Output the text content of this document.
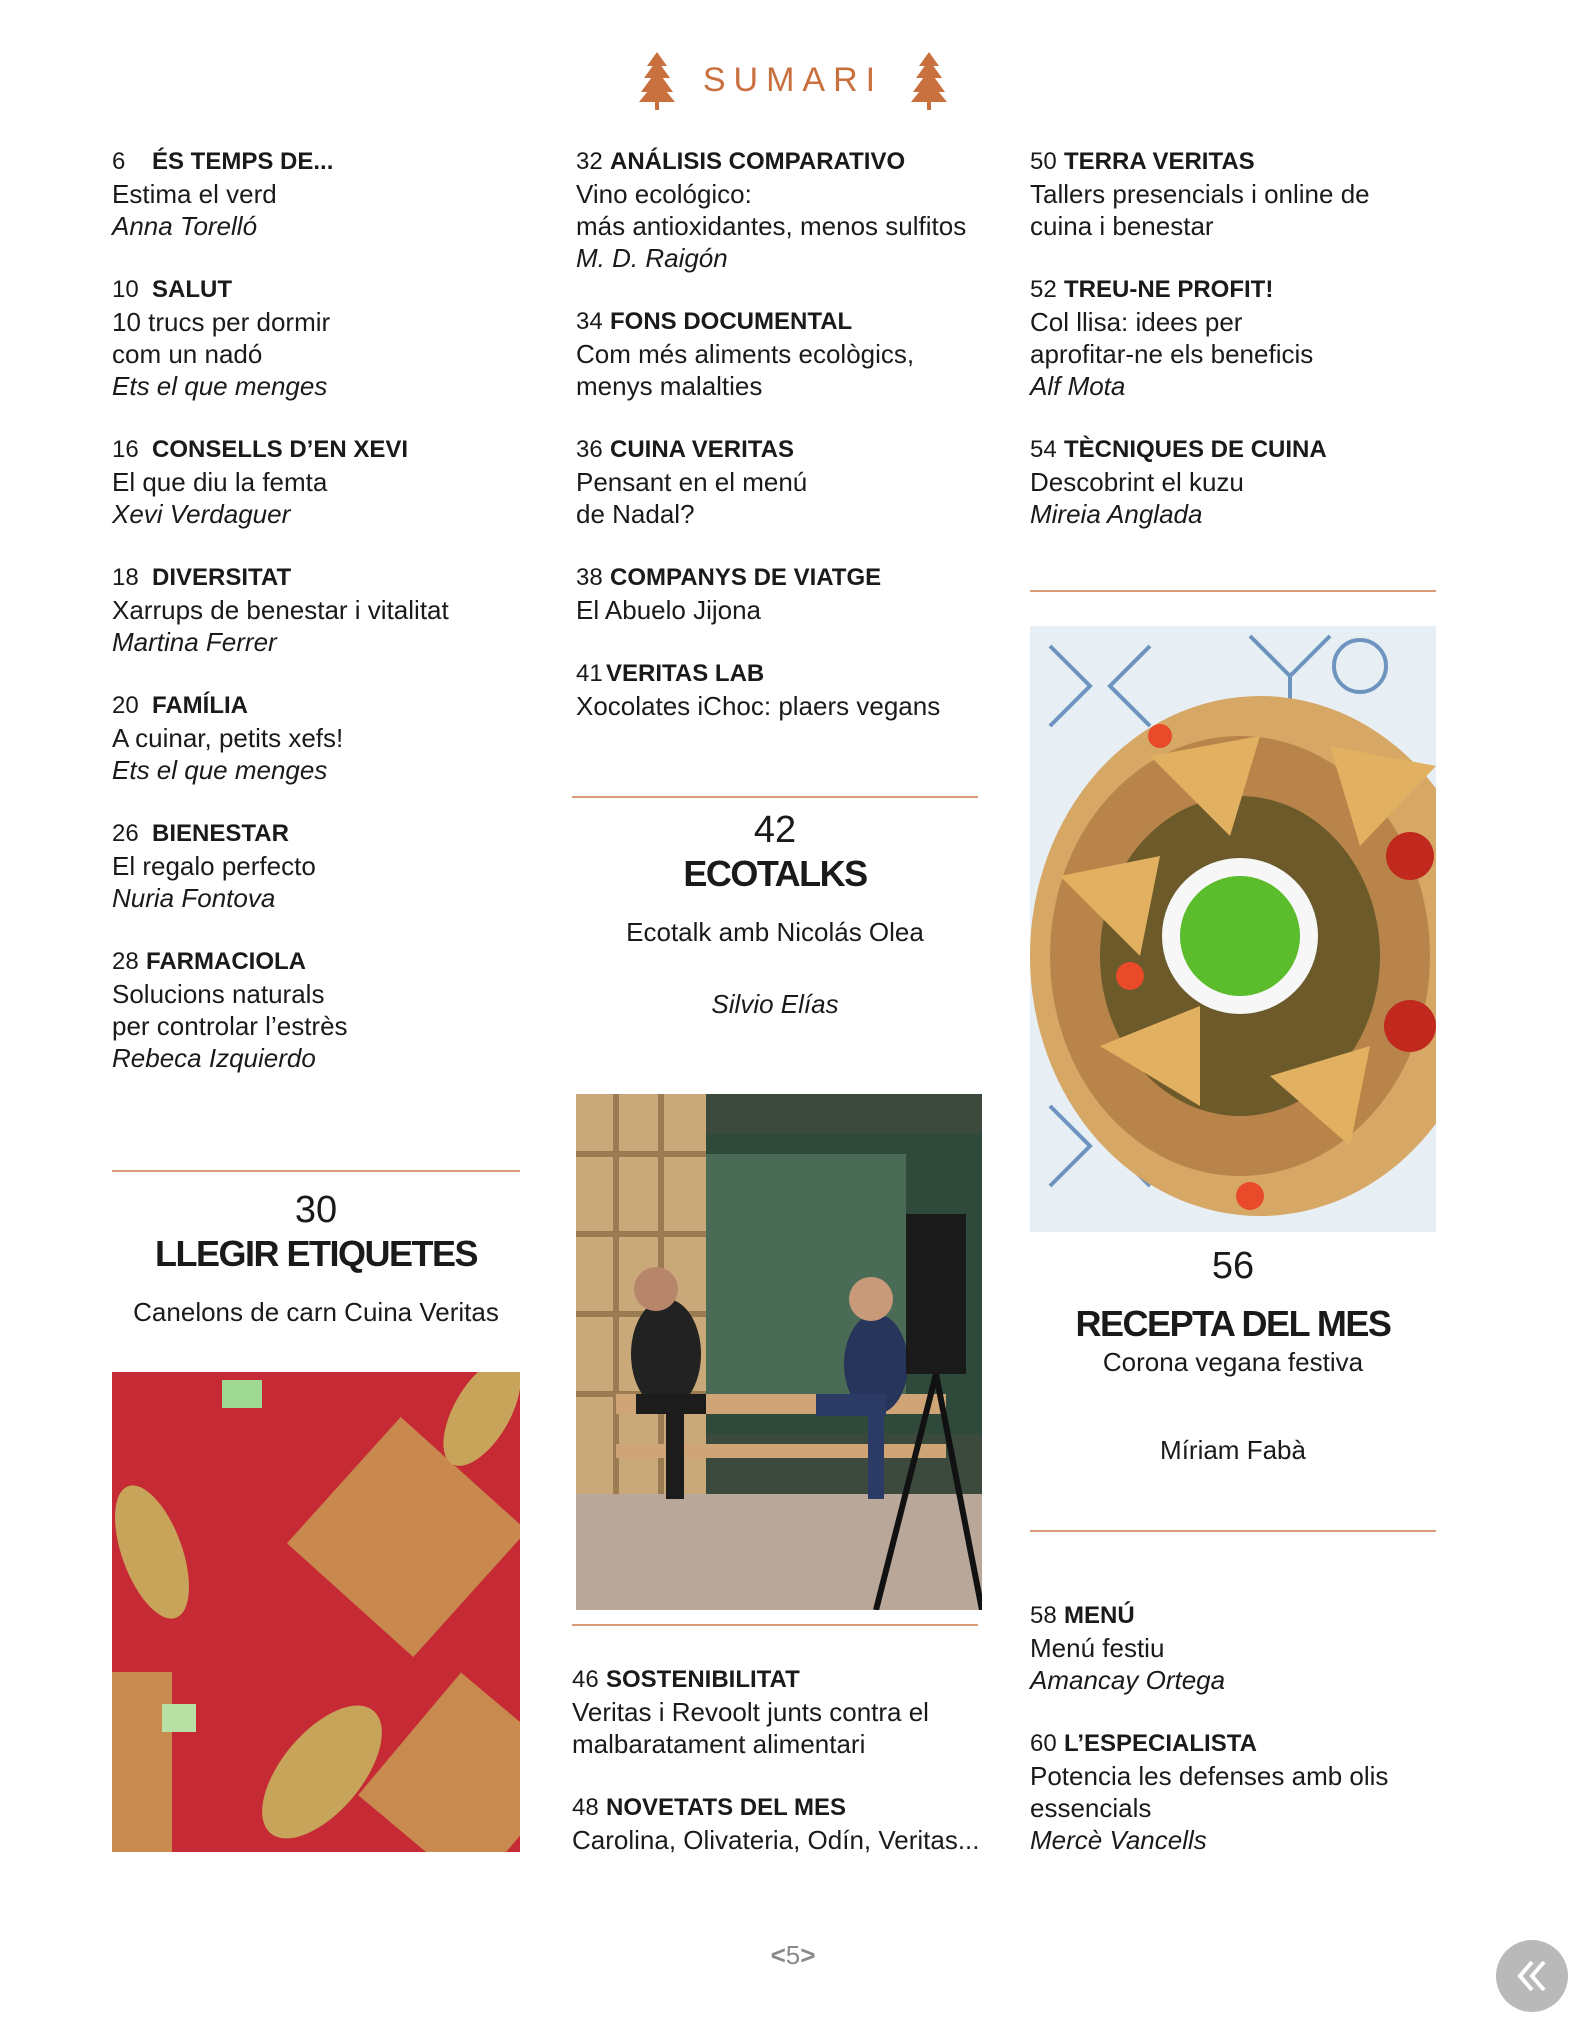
SUMARI
6 ÉS TEMPS DE...
Estima el verd
Anna Torelló
10 SALUT
10 trucs per dormir
com un nadó
Ets el que menges
16 CONSELLS D’EN XEVI
El que diu la femta
Xevi Verdaguer
18 DIVERSITAT
Xarrups de benestar i vitalitat
Martina Ferrer
20 FAMÍLIA
A cuinar, petits xefs!
Ets el que menges
26 BIENESTAR
El regalo perfecto
Nuria Fontova
28 FARMACIOLA
Solucions naturals
per controlar l’estrès
Rebeca Izquierdo
30
LLEGIR ETIQUETES
Canelons de carn Cuina Veritas
32 ANÁLISIS COMPARATIVO
Vino ecológico:
más antioxidantes, menos sulfitos
M. D. Raigón
34 FONS DOCUMENTAL
Com més aliments ecològics,
menys malalties
36 CUINA VERITAS
Pensant en el menú
de Nadal?
38 COMPANYS DE VIATGE
El Abuelo Jijona
41 VERITAS LAB
Xocolates iChoc: plaers vegans
42
ECOTALKS
Ecotalk amb Nicolás Olea
Silvio Elías
46 SOSTENIBILITAT
Veritas i Revoolt junts contra el
malbaratament alimentari
48 NOVETATS DEL MES
Carolina, Olivateria, Odín, Veritas...
50 TERRA VERITAS
Tallers presencials i online de
cuina i benestar
52 TREU-NE PROFIT!
Col llisa: idees per
aprofitar-ne els beneficis
Alf Mota
54 TÈCNIQUES DE CUINA
Descobrint el kuzu
Mireia Anglada
56
RECEPTA DEL MES
Corona vegana festiva
Míriam Fabà
58 MENÚ
Menú festiu
Amancay Ortega
60 L’ESPECIALISTA
Potencia les defenses amb olis
essencials
Mercè Vancells
<5>
